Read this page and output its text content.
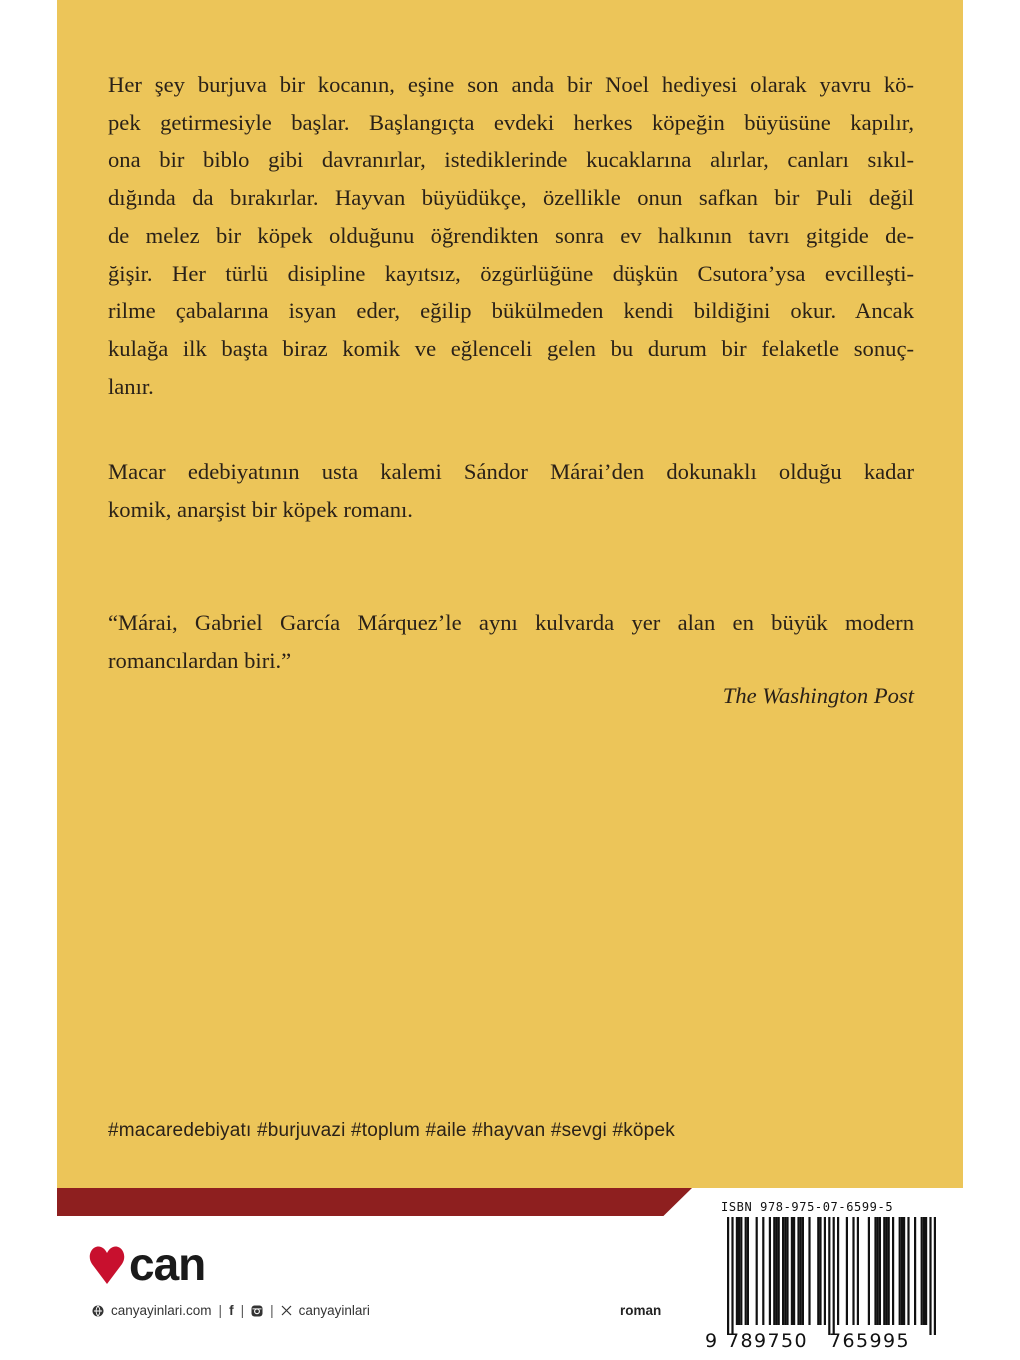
Her şey burjuva bir kocanın, eşine son anda bir Noel hediyesi olarak yavru kö-
pek getirmesiyle başlar. Başlangıçta evdeki herkes köpeğin büyüsüne kapılır,
ona bir biblo gibi davranırlar, istediklerinde kucaklarına alırlar, canları sıkıl-
dığında da bırakırlar. Hayvan büyüdükçe, özellikle onun safkan bir Puli değil
de melez bir köpek olduğunu öğrendikten sonra ev halkının tavrı gitgide de-
ğişir. Her türlü disipline kayıtsız, özgürlüğüne düşkün Csutora’ysa evcilleşti-
rilme çabalarına isyan eder, eğilip bükülmeden kendi bildiğini okur. Ancak
kulağa ilk başta biraz komik ve eğlenceli gelen bu durum bir felaketle sonuç-
lanır.
Macar edebiyatının usta kalemi Sándor Márai’den dokunaklı olduğu kadar
komik, anarşist bir köpek romanı.
“Márai, Gabriel García Márquez’le aynı kulvarda yer alan en büyük modern
romancılardan biri.”
The Washington Post
#macaredebiyatı #burjuvazi #toplum #aile #hayvan #sevgi #köpek
can
canyayinlari.com | f | | canyayinlari	roman
ISBN 978-975-07-6599-5
9 789750 765995
